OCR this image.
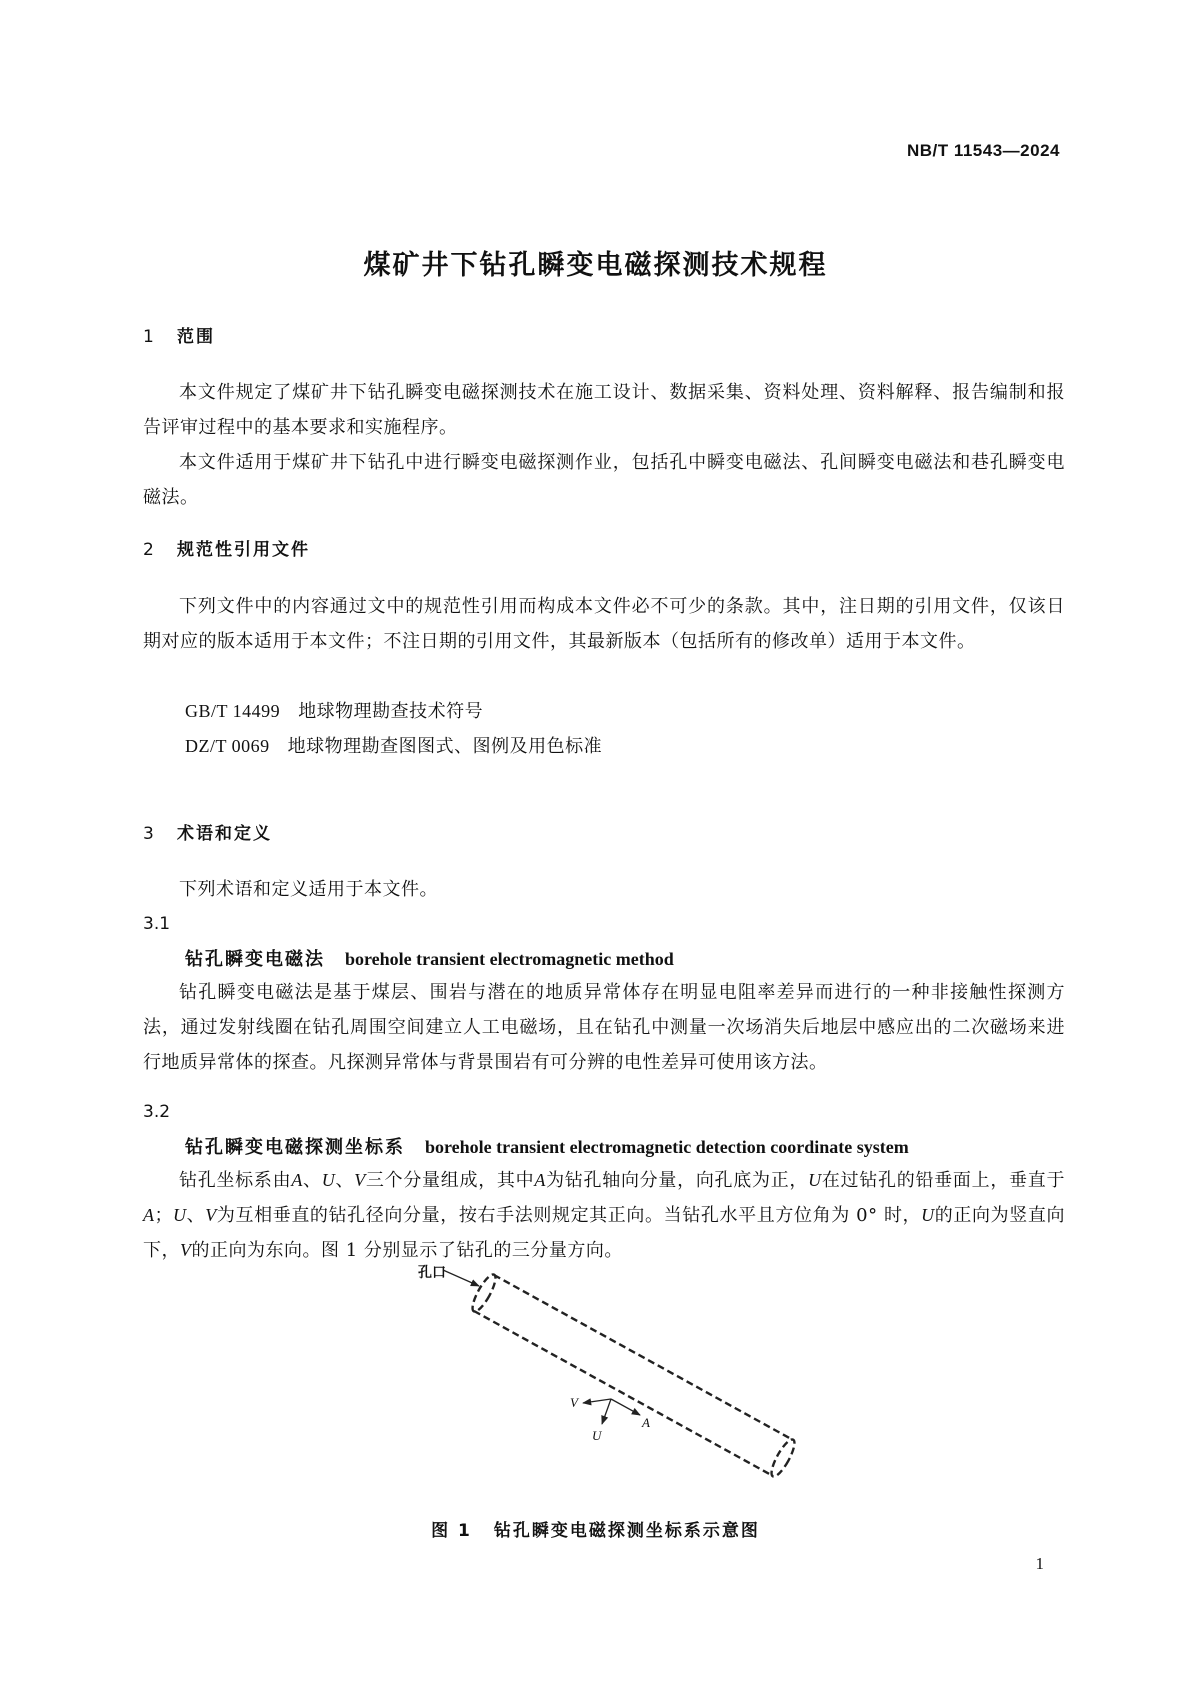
NB/T 11543—2024
煤矿井下钻孔瞬变电磁探测技术规程
1 范围
本文件规定了煤矿井下钻孔瞬变电磁探测技术在施工设计、数据采集、资料处理、资料解释、报告编制和报告评审过程中的基本要求和实施程序。
本文件适用于煤矿井下钻孔中进行瞬变电磁探测作业，包括孔中瞬变电磁法、孔间瞬变电磁法和巷孔瞬变电磁法。
2 规范性引用文件
下列文件中的内容通过文中的规范性引用而构成本文件必不可少的条款。其中，注日期的引用文件，仅该日期对应的版本适用于本文件；不注日期的引用文件，其最新版本（包括所有的修改单）适用于本文件。
GB/T 14499 地球物理勘查技术符号
DZ/T 0069 地球物理勘查图图式、图例及用色标准
3 术语和定义
下列术语和定义适用于本文件。
3.1
钻孔瞬变电磁法 borehole transient electromagnetic method
钻孔瞬变电磁法是基于煤层、围岩与潜在的地质异常体存在明显电阻率差异而进行的一种非接触性探测方法，通过发射线圈在钻孔周围空间建立人工电磁场，且在钻孔中测量一次场消失后地层中感应出的二次磁场来进行地质异常体的探查。凡探测异常体与背景围岩有可分辨的电性差异可使用该方法。
3.2
钻孔瞬变电磁探测坐标系 borehole transient electromagnetic detection coordinate system
钻孔坐标系由A、U、V三个分量组成，其中A为钻孔轴向分量，向孔底为正，U在过钻孔的铅垂面上，垂直于A；U、V为互相垂直的钻孔径向分量，按右手法则规定其正向。当钻孔水平且方位角为 0° 时，U的正向为竖直向下，V的正向为东向。图 1 分别显示了钻孔的三分量方向。
孔口
V
U
A
图 1 钻孔瞬变电磁探测坐标系示意图
1
